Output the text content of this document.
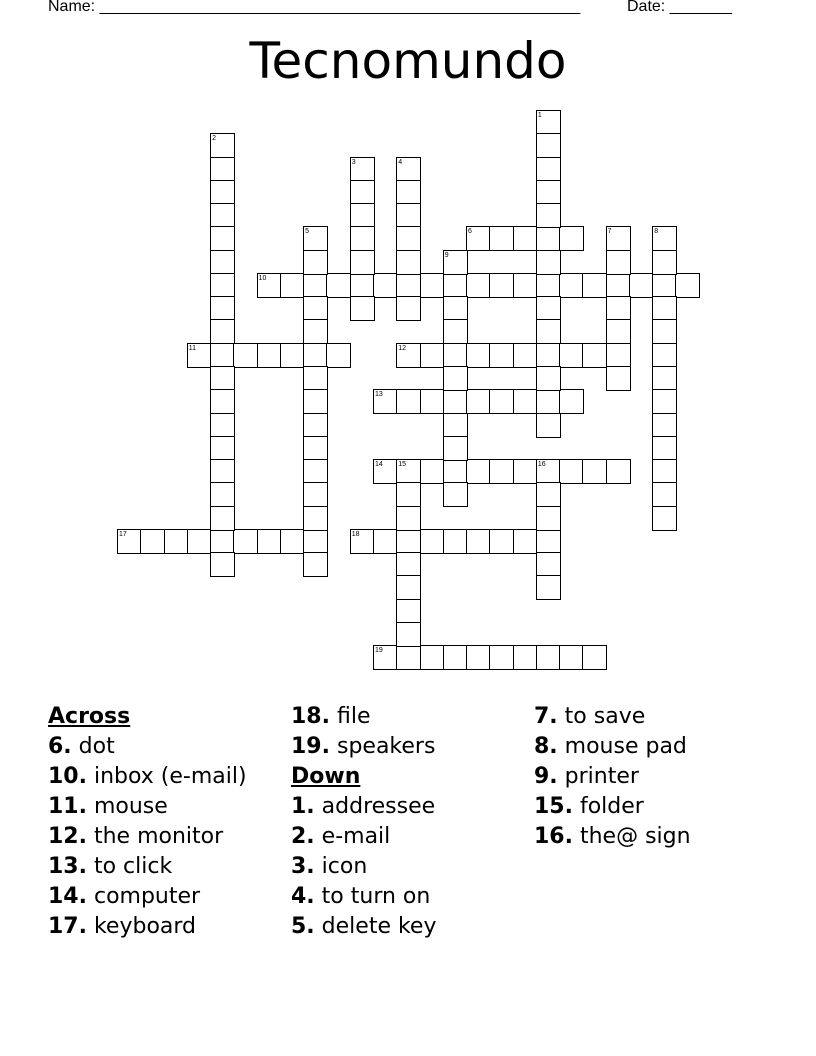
Name: ______________________________________________________	Date: _______
Tecnomundo
10
11	12
13
14 15	16
17	18
19
6
1
2
3	4
5	7	8
9
Across
6. dot
10. inbox (e-mail)
11. mouse
12. the monitor
13. to click
14. computer
17. keyboard
18. file
19. speakers
Down
1. addressee
2. e-mail
3. icon
4. to turn on
5. delete key
7. to save
8. mouse pad
9. printer
15. folder
16. the@ sign
